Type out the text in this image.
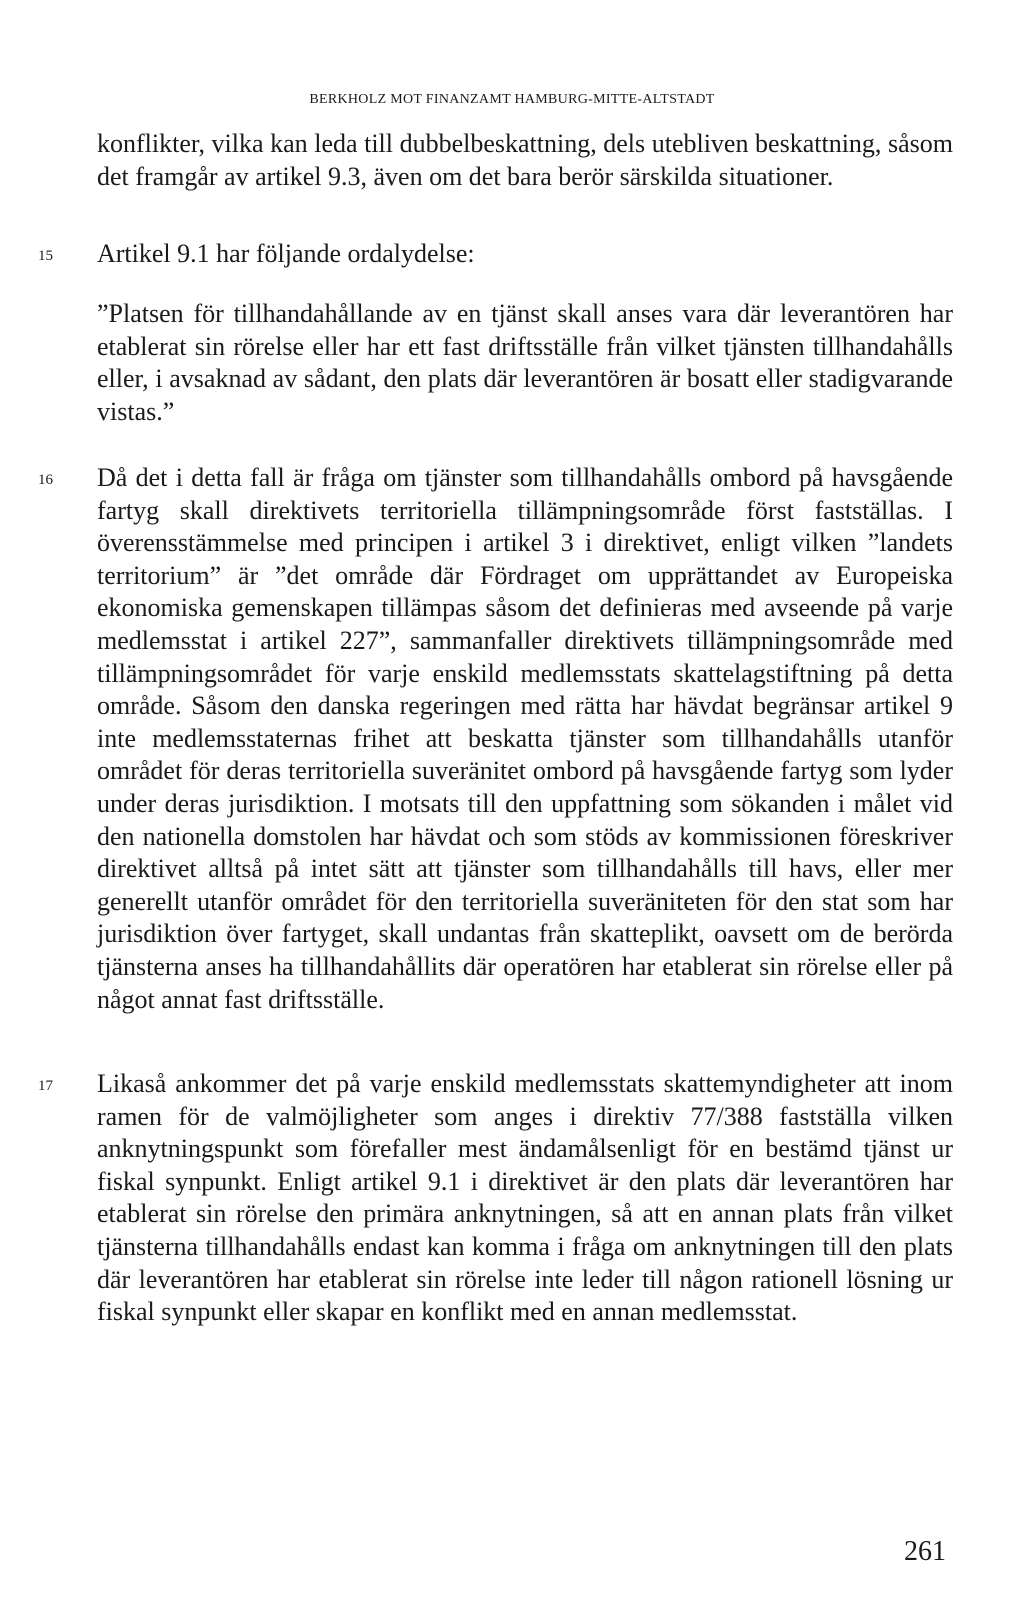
BERKHOLZ MOT FINANZAMT HAMBURG-MITTE-ALTSTADT

konflikter, vilka kan leda till dubbelbeskattning, dels utebliven beskattning, såsom det framgår av artikel 9.3, även om det bara berör särskilda situationer.

15 Artikel 9.1 har följande ordalydelse:

”Platsen för tillhandahållande av en tjänst skall anses vara där leverantören har etablerat sin rörelse eller har ett fast driftsställe från vilket tjänsten tillhandahålls eller, i avsaknad av sådant, den plats där leverantören är bosatt eller stadigvarande vistas.”

16 Då det i detta fall är fråga om tjänster som tillhandahålls ombord på havsgående fartyg skall direktivets territoriella tillämpningsområde först fastställas. I överensstämmelse med principen i artikel 3 i direktivet, enligt vilken ”landets territorium” är ”det område där Fördraget om upprättandet av Europeiska ekonomiska gemenskapen tillämpas såsom det definieras med avseende på varje medlemsstat i artikel 227”, sammanfaller direktivets tillämpningsområde med tillämpningsområdet för varje enskild medlemsstats skattelagstiftning på detta område. Såsom den danska regeringen med rätta har hävdat begränsar artikel 9 inte medlemsstaternas frihet att beskatta tjänster som tillhandahålls utanför området för deras territoriella suveränitet ombord på havsgående fartyg som lyder under deras jurisdiktion. I motsats till den uppfattning som sökanden i målet vid den nationella domstolen har hävdat och som stöds av kommissionen föreskriver direktivet alltså på intet sätt att tjänster som tillhandahålls till havs, eller mer generellt utanför området för den territoriella suveräniteten för den stat som har jurisdiktion över fartyget, skall undantas från skatteplikt, oavsett om de berörda tjänsterna anses ha tillhandahållits där operatören har etablerat sin rörelse eller på något annat fast driftsställe.

17 Likaså ankommer det på varje enskild medlemsstats skattemyndigheter att inom ramen för de valmöjligheter som anges i direktiv 77/388 fastställa vilken anknytningspunkt som förefaller mest ändamålsenligt för en bestämd tjänst ur fiskal synpunkt. Enligt artikel 9.1 i direktivet är den plats där leverantören har etablerat sin rörelse den primära anknytningen, så att en annan plats från vilket tjänsterna tillhandahålls endast kan komma i fråga om anknytningen till den plats där leverantören har etablerat sin rörelse inte leder till någon rationell lösning ur fiskal synpunkt eller skapar en konflikt med en annan medlemsstat.

261
